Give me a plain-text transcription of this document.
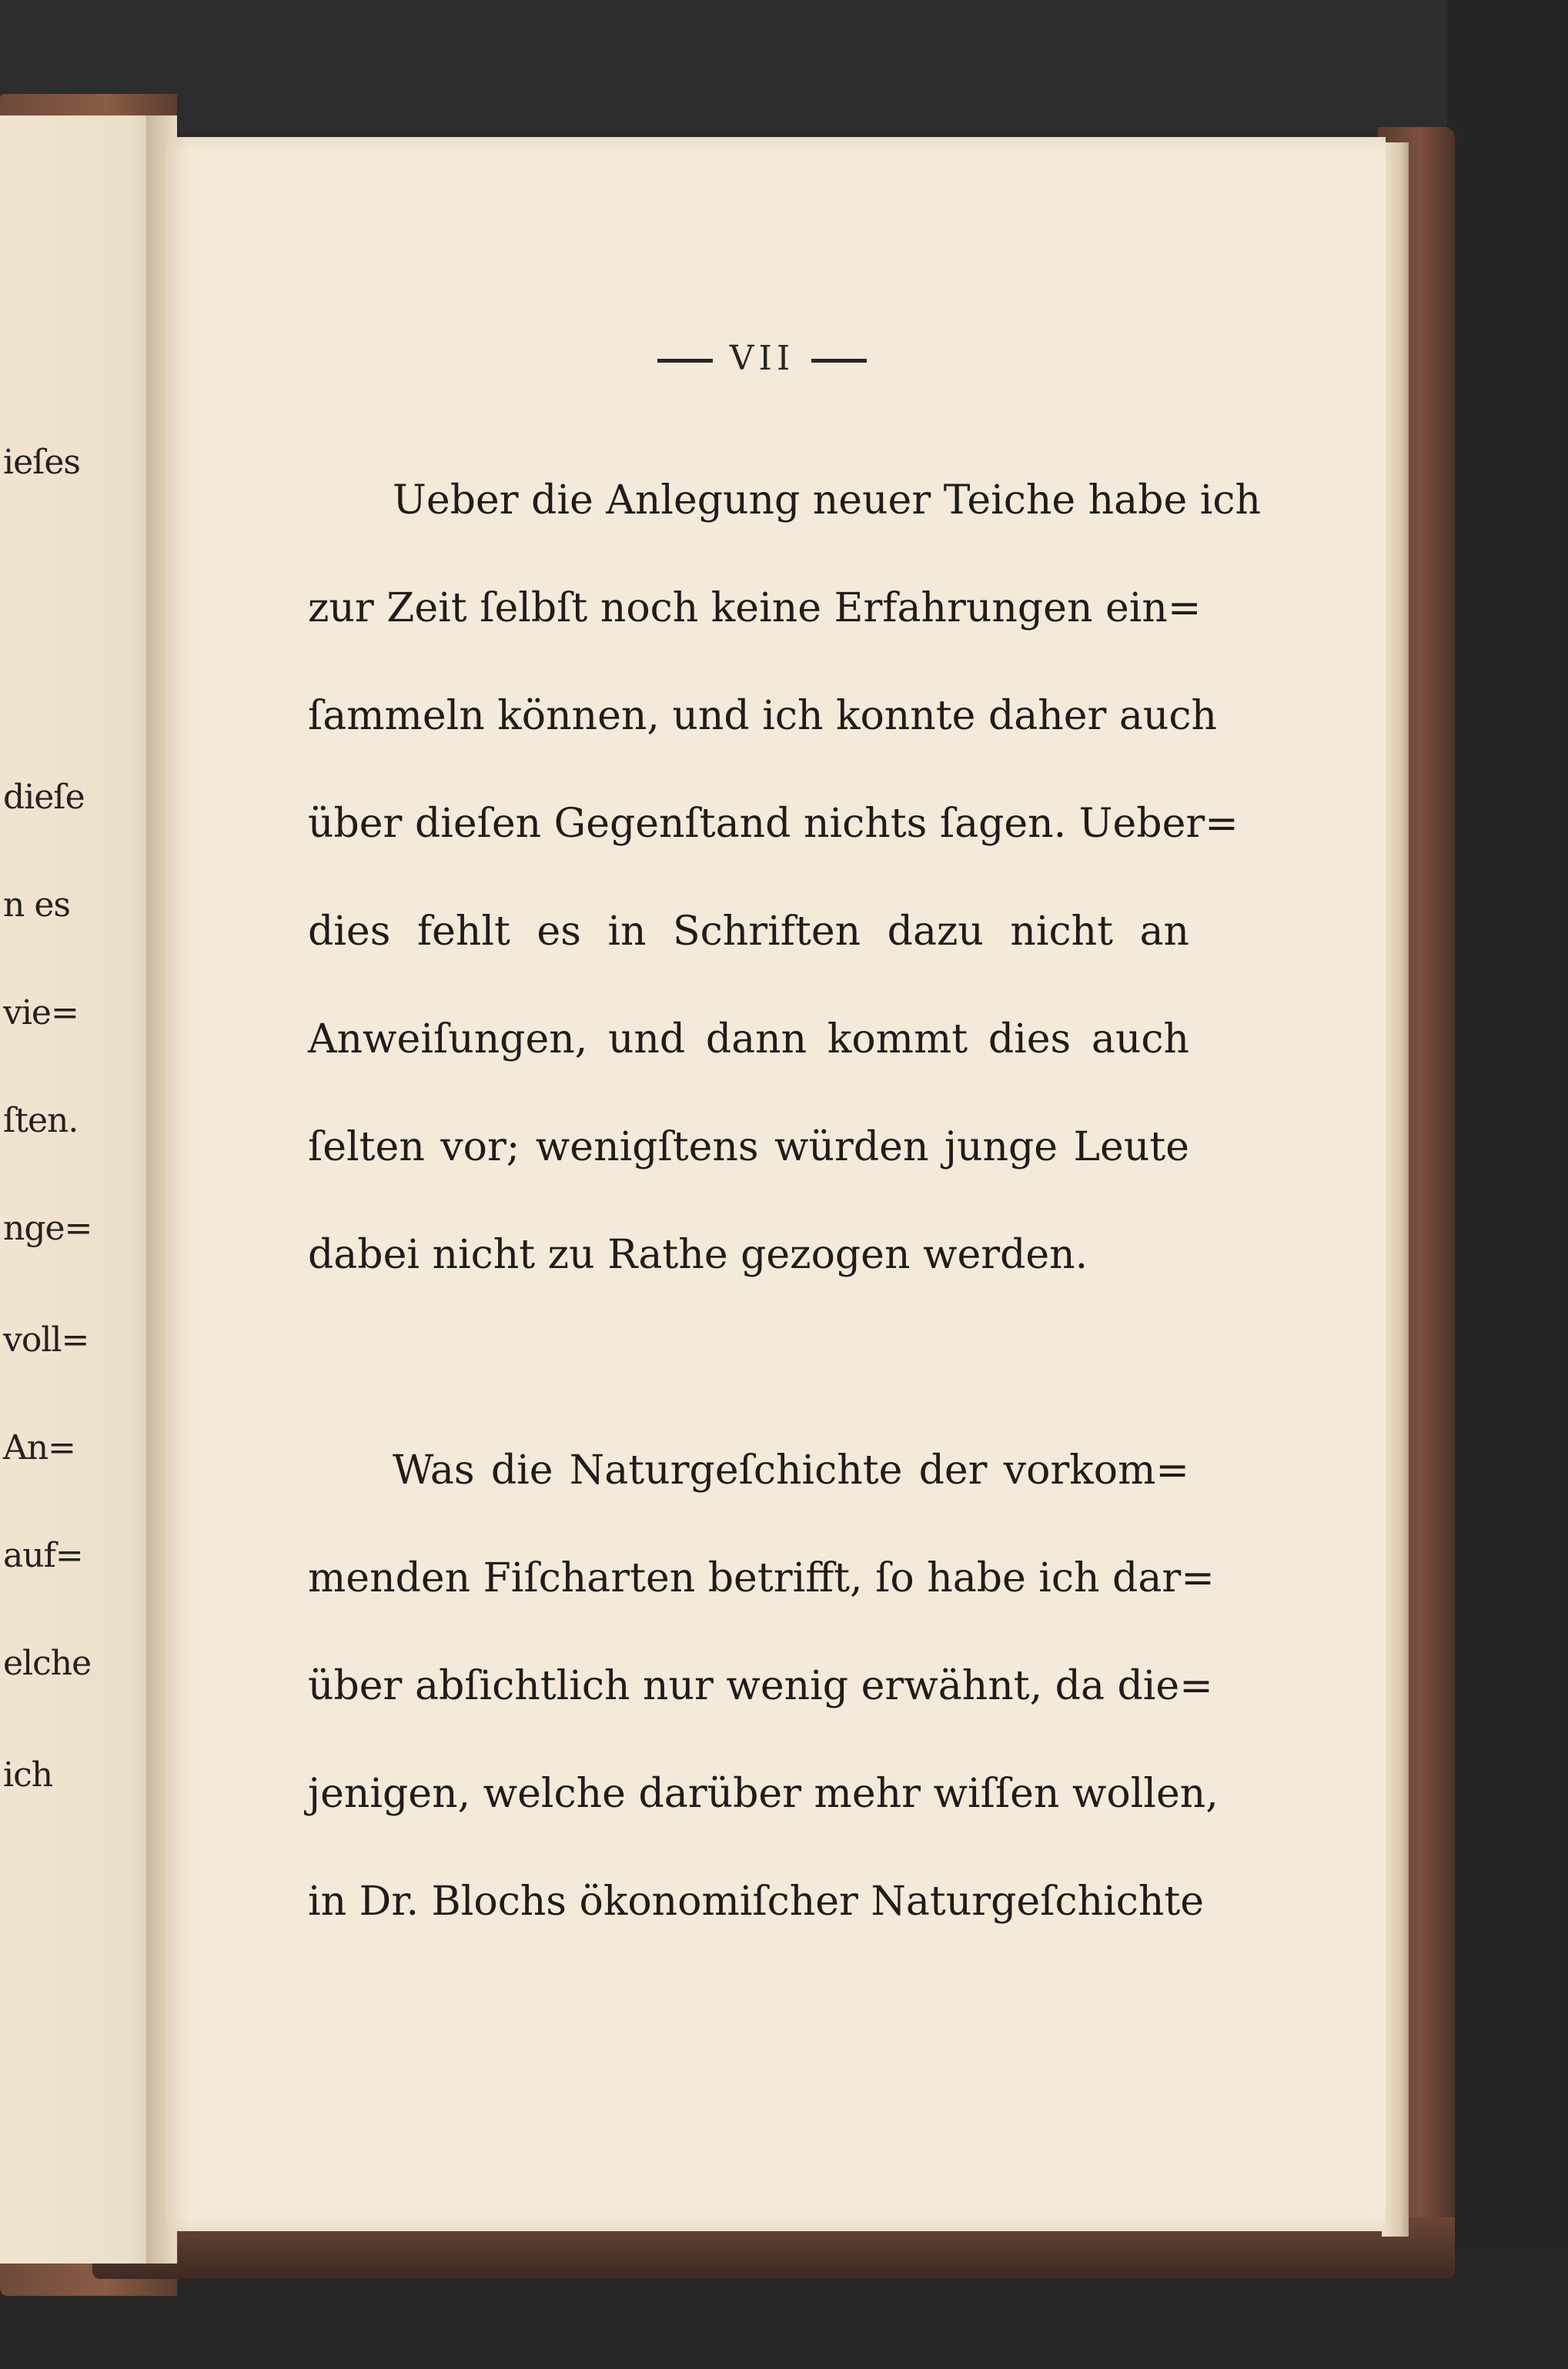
ieſes
dieſe
n es
vie=
ſten.
nge=
voll=
An=
auf=
elche
ich
VII
Ueber die Anlegung neuer Teiche habe ich
zur Zeit ſelbſt noch keine Erfahrungen ein=
ſammeln können, und ich konnte daher auch
über dieſen Gegenſtand nichts ſagen. Ueber=
dies fehlt es in Schriften dazu nicht an
Anweiſungen, und dann kommt dies auch
ſelten vor; wenigſtens würden junge Leute
dabei nicht zu Rathe gezogen werden.
Was die Naturgeſchichte der vorkom=
menden Fiſcharten betrifft, ſo habe ich dar=
über abſichtlich nur wenig erwähnt, da die=
jenigen, welche darüber mehr wiſſen wollen,
in Dr. Blochs ökonomiſcher Naturgeſchichte
